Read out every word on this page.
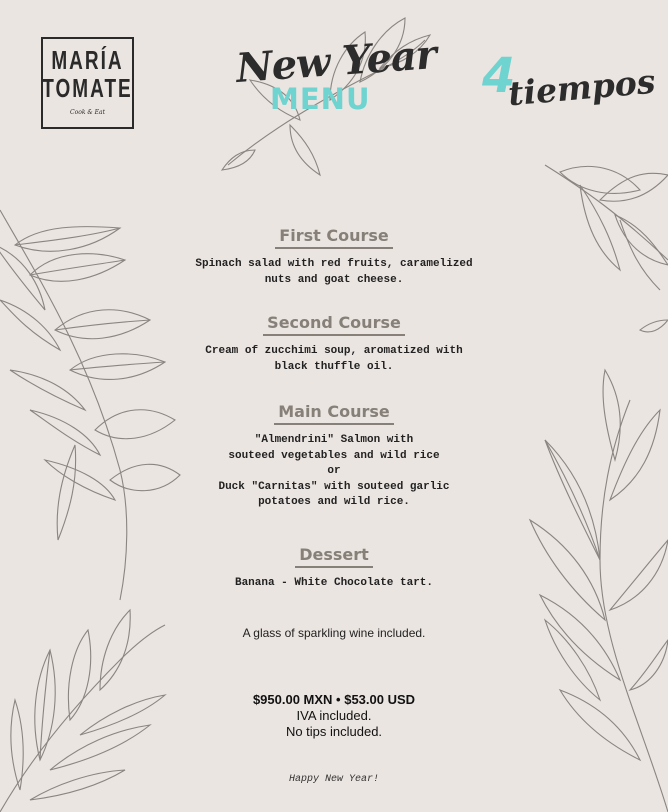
MARÍA
TOMATE
Cook & Eat
New Year
MENU 4
tiempos
First Course
Spinach salad with red fruits, caramelized
nuts and goat cheese.
Second Course
Cream of zucchimi soup, aromatized with
black thuffle oil.
Main Course
"Almendrini" Salmon with
souteed vegetables and wild rice
or
Duck "Carnitas" with souteed garlic
potatoes and wild rice.
Dessert
Banana - White Chocolate tart.
A glass of sparkling wine included.
$950.00 MXN • $53.00 USD
IVA included.
No tips included.
Happy New Year!
